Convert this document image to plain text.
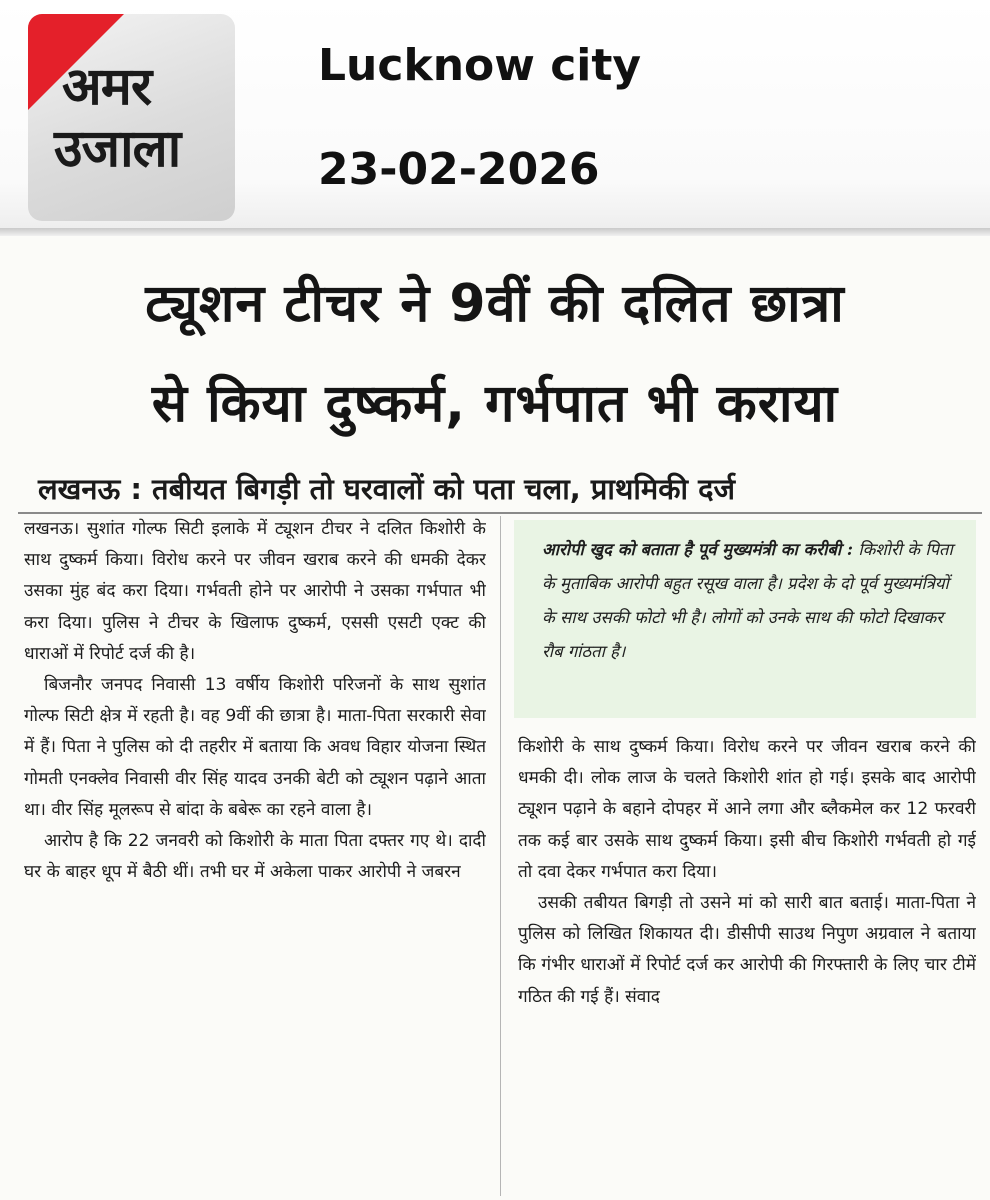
अमर
उजाला
Lucknow city
23-02-2026
ट्यूशन टीचर ने 9वीं की दलित छात्रा
से किया दुष्कर्म, गर्भपात भी कराया
लखनऊ : तबीयत बिगड़ी तो घरवालों को पता चला, प्राथमिकी दर्ज

लखनऊ। सुशांत गोल्फ सिटी इलाके में ट्यूशन टीचर ने दलित किशोरी के साथ दुष्कर्म किया। विरोध करने पर जीवन खराब करने की धमकी देकर उसका मुंह बंद करा दिया। गर्भवती होने पर आरोपी ने उसका गर्भपात भी करा दिया। पुलिस ने टीचर के खिलाफ दुष्कर्म, एससी एसटी एक्ट की धाराओं में रिपोर्ट दर्ज की है।

बिजनौर जनपद निवासी 13 वर्षीय किशोरी परिजनों के साथ सुशांत गोल्फ सिटी क्षेत्र में रहती है। वह 9वीं की छात्रा है। माता-पिता सरकारी सेवा में हैं। पिता ने पुलिस को दी तहरीर में बताया कि अवध विहार योजना स्थित गोमती एनक्लेव निवासी वीर सिंह यादव उनकी बेटी को ट्यूशन पढ़ाने आता था। वीर सिंह मूलरूप से बांदा के बबेरू का रहने वाला है।

आरोप है कि 22 जनवरी को किशोरी के माता पिता दफ्तर गए थे। दादी घर के बाहर धूप में बैठी थीं। तभी घर में अकेला पाकर आरोपी ने जबरन

आरोपी खुद को बताता है पूर्व मुख्यमंत्री का करीबी : किशोरी के पिता के मुताबिक आरोपी बहुत रसूख वाला है। प्रदेश के दो पूर्व मुख्यमंत्रियों के साथ उसकी फोटो भी है। लोगों को उनके साथ की फोटो दिखाकर रौब गांठता है।

किशोरी के साथ दुष्कर्म किया। विरोध करने पर जीवन खराब करने की धमकी दी। लोक लाज के चलते किशोरी शांत हो गई। इसके बाद आरोपी ट्यूशन पढ़ाने के बहाने दोपहर में आने लगा और ब्लैकमेल कर 12 फरवरी तक कई बार उसके साथ दुष्कर्म किया। इसी बीच किशोरी गर्भवती हो गई तो दवा देकर गर्भपात करा दिया।

उसकी तबीयत बिगड़ी तो उसने मां को सारी बात बताई। माता-पिता ने पुलिस को लिखित शिकायत दी। डीसीपी साउथ निपुण अग्रवाल ने बताया कि गंभीर धाराओं में रिपोर्ट दर्ज कर आरोपी की गिरफ्तारी के लिए चार टीमें गठित की गई हैं। संवाद
